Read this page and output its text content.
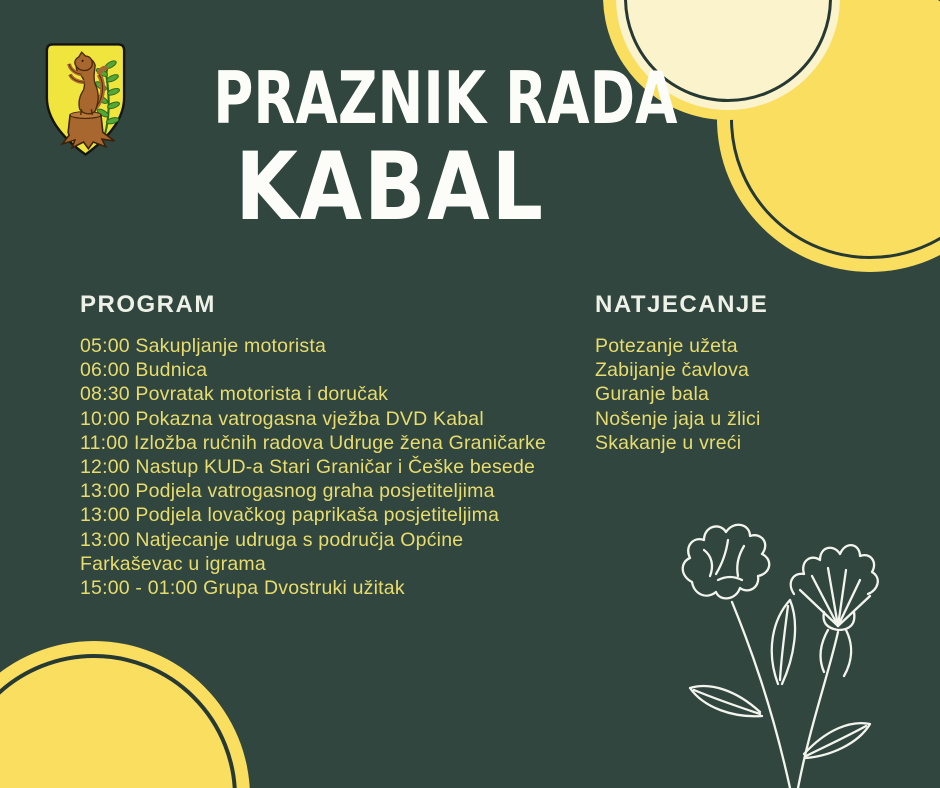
PRAZNIK RADA
KABAL
PROGRAM
05:00 Sakupljanje motorista
06:00 Budnica
08:30 Povratak motorista i doručak
10:00 Pokazna vatrogasna vježba DVD Kabal
11:00 Izložba ručnih radova Udruge žena Graničarke
12:00 Nastup KUD-a Stari Graničar i Češke besede
13:00 Podjela vatrogasnog graha posjetiteljima
13:00 Podjela lovačkog paprikaša posjetiteljima
13:00 Natjecanje udruga s područja Općine
Farkaševac u igrama
15:00 - 01:00 Grupa Dvostruki užitak
NATJECANJE
Potezanje užeta
Zabijanje čavlova
Guranje bala
Nošenje jaja u žlici
Skakanje u vreći
